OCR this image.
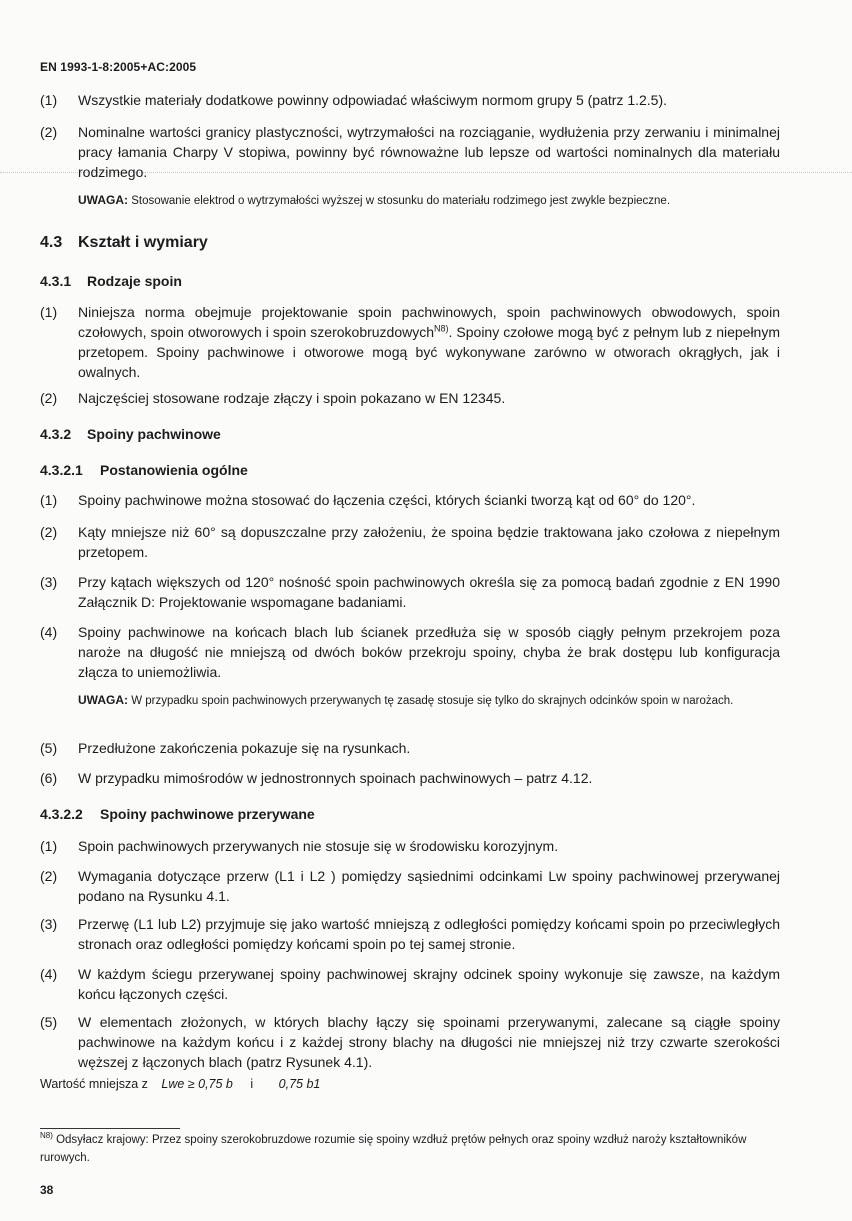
EN 1993-1-8:2005+AC:2005
(1)	Wszystkie materiały dodatkowe powinny odpowiadać właściwym normom grupy 5 (patrz 1.2.5).
(2)	Nominalne wartości granicy plastyczności, wytrzymałości na rozciąganie, wydłużenia przy zerwaniu i minimalnej pracy łamania Charpy V stopiwa, powinny być równoważne lub lepsze od wartości nominalnych dla materiału rodzimego.
UWAGA: Stosowanie elektrod o wytrzymałości wyższej w stosunku do materiału rodzimego jest zwykle bezpieczne.
4.3 Kształt i wymiary
4.3.1 Rodzaje spoin
(1)	Niniejsza norma obejmuje projektowanie spoin pachwinowych, spoin pachwinowych obwodowych, spoin czołowych, spoin otworowych i spoin szerokobruzdowych$^{N8)}$. Spoiny czołowe mogą być z pełnym lub z niepełnym przetopem. Spoiny pachwinowe i otworowe mogą być wykonywane zarówno w otworach okrągłych, jak i owalnych.
(2)	Najczęściej stosowane rodzaje złączy i spoin pokazano w EN 12345.
4.3.2 Spoiny pachwinowe
4.3.2.1 Postanowienia ogólne
(1)	Spoiny pachwinowe można stosować do łączenia części, których ścianki tworzą kąt od 60° do 120°.
(2)	Kąty mniejsze niż 60° są dopuszczalne przy założeniu, że spoina będzie traktowana jako czołowa z niepełnym przetopem.
(3)	Przy kątach większych od 120° nośność spoin pachwinowych określa się za pomocą badań zgodnie z EN 1990 Załącznik D: Projektowanie wspomagane badaniami.
(4)	Spoiny pachwinowe na końcach blach lub ścianek przedłuża się w sposób ciągły pełnym przekrojem poza naroże na długość nie mniejszą od dwóch boków przekroju spoiny, chyba że brak dostępu lub konfiguracja złącza to uniemożliwia.
UWAGA: W przypadku spoin pachwinowych przerywanych tę zasadę stosuje się tylko do skrajnych odcinków spoin w narożach.
(5)	Przedłużone zakończenia pokazuje się na rysunkach.
(6)	W przypadku mimośrodów w jednostronnych spoinach pachwinowych – patrz 4.12.
4.3.2.2 Spoiny pachwinowe przerywane
(1)	Spoin pachwinowych przerywanych nie stosuje się w środowisku korozyjnym.
(2)	Wymagania dotyczące przerw (L1 i L2 ) pomiędzy sąsiednimi odcinkami Lw spoiny pachwinowej przerywanej podano na Rysunku 4.1.
(3)	Przerwę (L1 lub L2) przyjmuje się jako wartość mniejszą z odległości pomiędzy końcami spoin po przeciwległych stronach oraz odległości pomiędzy końcami spoin po tej samej stronie.
(4)	W każdym ściegu przerywanej spoiny pachwinowej skrajny odcinek spoiny wykonuje się zawsze, na każdym końcu łączonych części.
(5)	W elementach złożonych, w których blachy łączy się spoinami przerywanymi, zalecane są ciągłe spoiny pachwinowe na każdym końcu i z każdej strony blachy na długości nie mniejszej niż trzy czwarte szerokości węższej z łączonych blach (patrz Rysunek 4.1).
Wartość mniejsza z Lwe ≥ 0,75 b i 0,75 b1
$^{N8)}$ Odsyłacz krajowy: Przez spoiny szerokobruzdowe rozumie się spoiny wzdłuż prętów pełnych oraz spoiny wzdłuż naroży kształtowników rurowych.
38
